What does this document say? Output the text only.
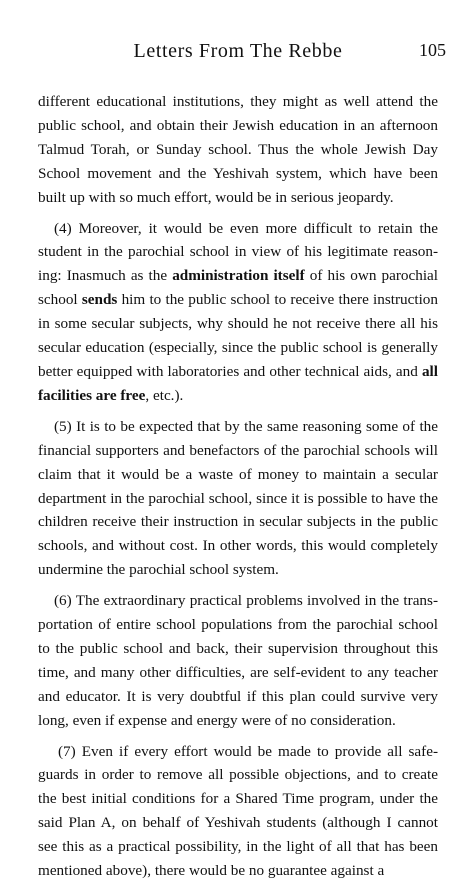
Letters From The Rebbe	105

different educational institutions, they might as well attend the public school, and obtain their Jewish education in an afternoon Talmud Torah, or Sunday school. Thus the whole Jewish Day School movement and the Yeshivah system, which have been built up with so much effort, would be in serious jeopardy.

(4) Moreover, it would be even more difficult to retain the student in the parochial school in view of his legitimate reasoning: Inasmuch as the administration itself of his own parochial school sends him to the public school to receive there instruction in some secular subjects, why should he not receive there all his secular education (especially, since the public school is generally better equipped with laboratories and other technical aids, and all facilities are free, etc.).

(5) It is to be expected that by the same reasoning some of the financial supporters and benefactors of the parochial schools will claim that it would be a waste of money to maintain a secular department in the parochial school, since it is possible to have the children receive their instruction in secular subjects in the public schools, and without cost. In other words, this would completely undermine the parochial school system.

(6) The extraordinary practical problems involved in the transportation of entire school populations from the parochial school to the public school and back, their supervision throughout this time, and many other difficulties, are self-evident to any teacher and educator. It is very doubtful if this plan could survive very long, even if expense and energy were of no consideration.

(7) Even if every effort would be made to provide all safeguards in order to remove all possible objections, and to create the best initial conditions for a Shared Time program, under the said Plan A, on behalf of Yeshivah students (although I cannot see this as a practical possibility, in the light of all that has been mentioned above), there would be no guarantee against a
